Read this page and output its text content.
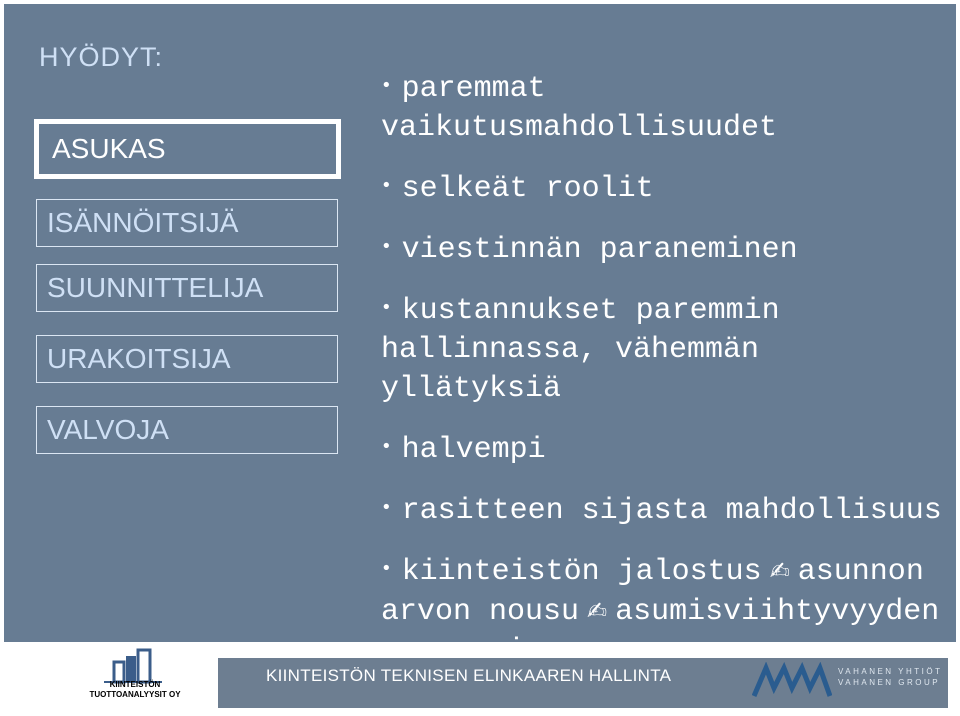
HYÖDYT:
ASUKAS
ISÄNNÖITSIJÄ
SUUNNITTELIJA
URAKOITSIJA
VALVOJA
• paremmat
vaikutusmahdollisuudet
• selkeät roolit
• viestinnän paraneminen
• kustannukset paremmin
hallinnassa, vähemmän yllätyksiä
• halvempi
• rasitteen sijasta mahdollisuus
• kiinteistön jalostus ✍ asunnon
arvon nousu ✍ asumisviihtyvyyden

KIINTEISTÖN
TUOTTOANALYYSIT OY
KIINTEISTÖN TEKNISEN ELINKAAREN HALLINTA	VAHANEN YHTIÖT
VAHANEN GROUP
